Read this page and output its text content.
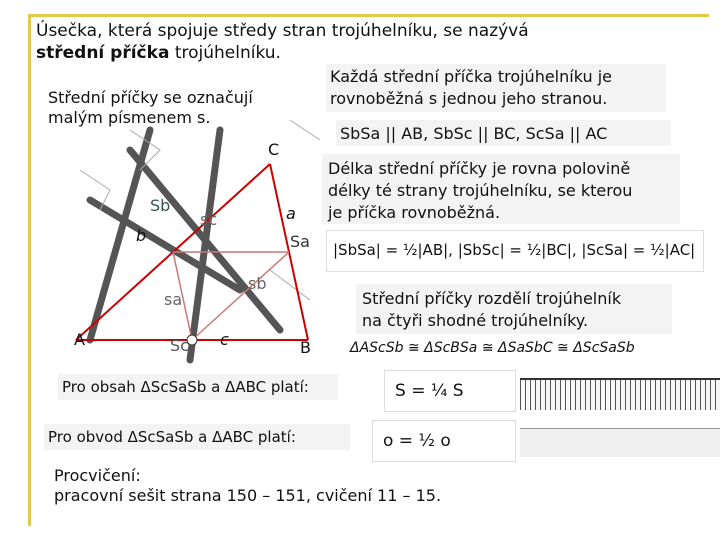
Úsečka, která spojuje středy stran trojúhelníku, se nazývá
střední příčka trojúhelníku.
Střední příčky se označují
malým písmenem s.
Každá střední příčka trojúhelníku je
rovnoběžná s jednou jeho stranou.
SbSa || AB, SbSc || BC, ScSa || AC
Délka střední příčky je rovna polovině
délky té strany trojúhelníku, se kterou
je příčka rovnoběžná.
|SbSa| = ½|AB|, |SbSc| = ½|BC|, |ScSa| = ½|AC|
Střední příčky rozdělí trojúhelník
na čtyři shodné trojúhelníky.
ΔAScSb ≅ ΔScBSa ≅ ΔSaSbC ≅ ΔScSaSb
Pro obsah ΔScSaSb a ΔABC platí:	S = ¼ S
Pro obvod ΔScSaSb a ΔABC platí:	o = ½ o
Procvičení:
pracovní sešit strana 150 – 151, cvičení 11 – 15.
A	B
C
Sa
Sb
Sc
a
b
c
sa
sb
sc
